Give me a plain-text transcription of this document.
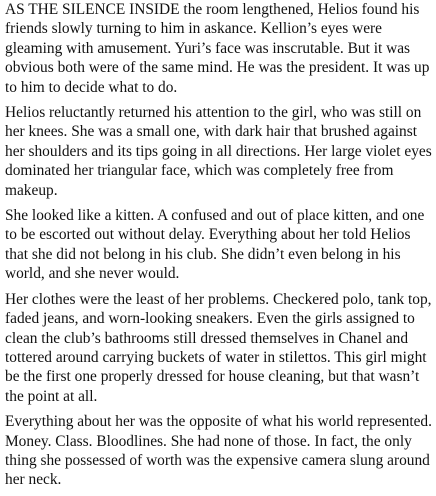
AS THE SILENCE INSIDE the room lengthened, Helios found his friends slowly turning to him in askance. Kellion’s eyes were gleaming with amusement. Yuri’s face was inscrutable. But it was obvious both were of the same mind. He was the president. It was up to him to decide what to do.

Helios reluctantly returned his attention to the girl, who was still on her knees. She was a small one, with dark hair that brushed against her shoulders and its tips going in all directions. Her large violet eyes dominated her triangular face, which was completely free from makeup.

She looked like a kitten. A confused and out of place kitten, and one to be escorted out without delay. Everything about her told Helios that she did not belong in his club. She didn’t even belong in his world, and she never would.

Her clothes were the least of her problems. Checkered polo, tank top, faded jeans, and worn-looking sneakers. Even the girls assigned to clean the club’s bathrooms still dressed themselves in Chanel and tottered around carrying buckets of water in stilettos. This girl might be the first one properly dressed for house cleaning, but that wasn’t the point at all.

Everything about her was the opposite of what his world represented. Money. Class. Bloodlines. She had none of those. In fact, the only thing she possessed of worth was the expensive camera slung around her neck.
